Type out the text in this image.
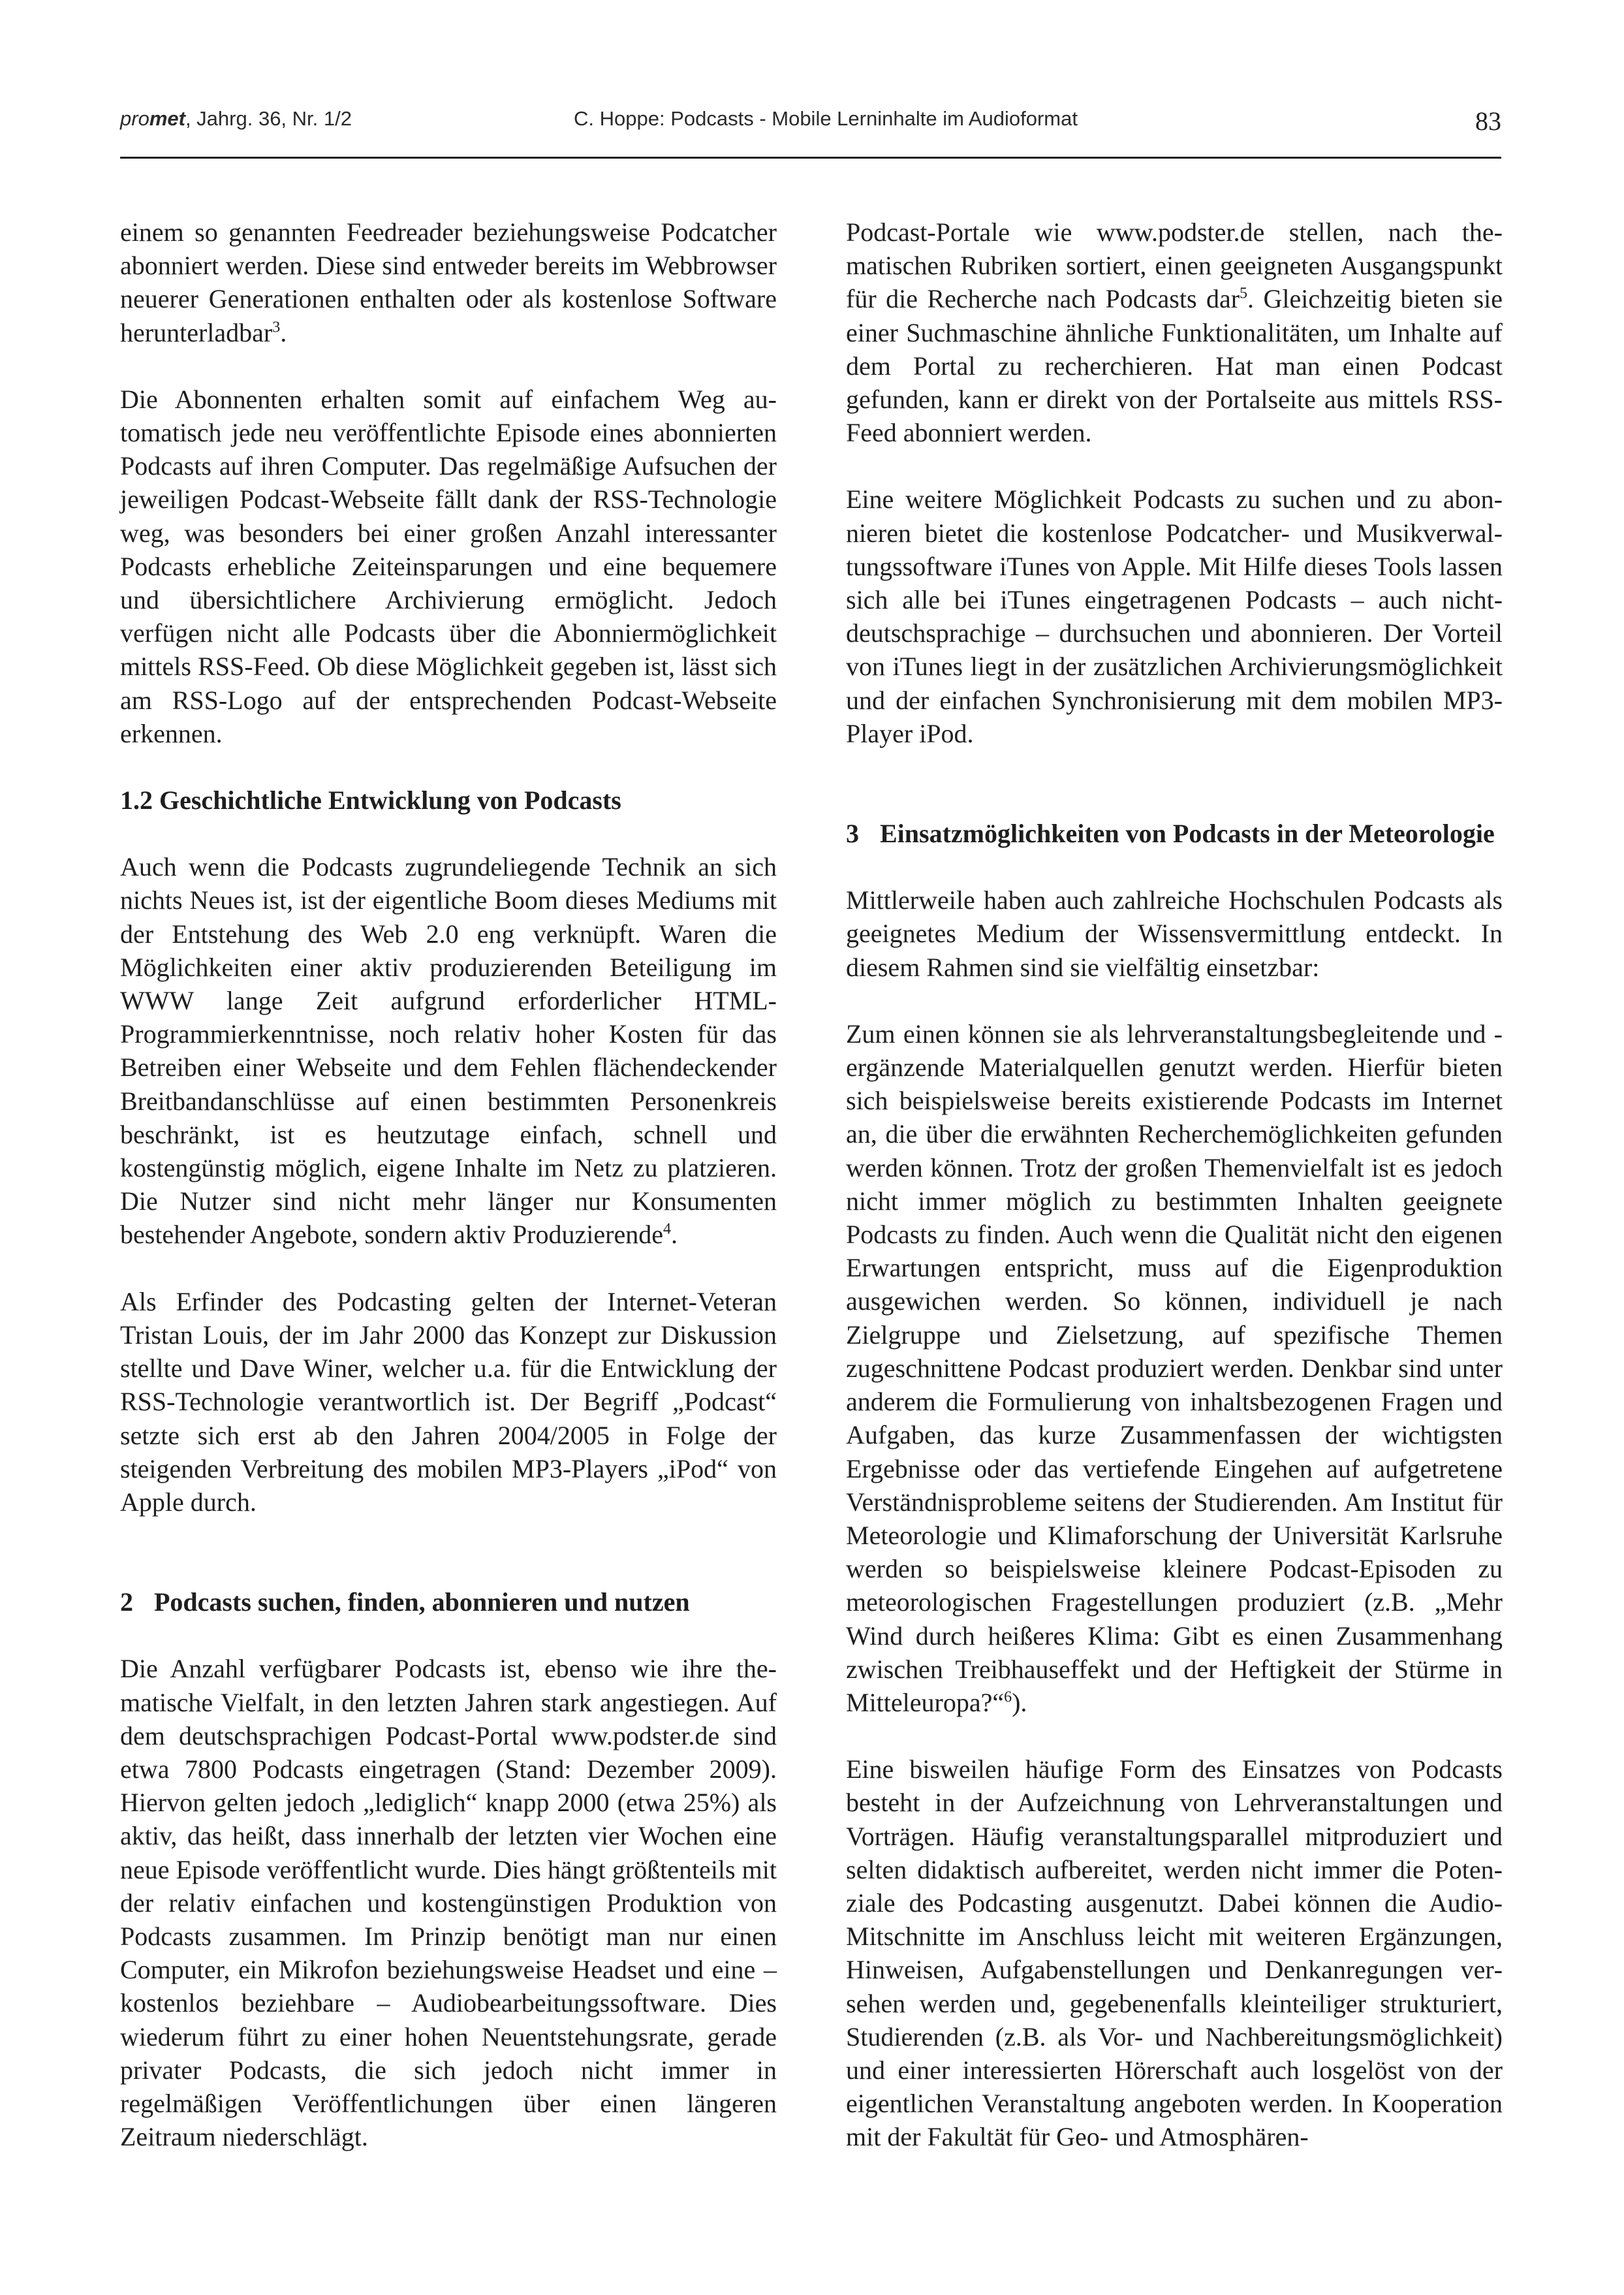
promet, Jahrg. 36, Nr. 1/2	C. Hoppe: Podcasts - Mobile Lerninhalte im Audioformat	83

einem so genannten Feedreader beziehungsweise Podcatcher abonniert werden. Diese sind entweder bereits im Webbrowser neuerer Generationen enthalten oder als kostenlose Software herunterladbar$^3$.

Die Abonnenten erhalten somit auf einfachem Weg automatisch jede neu veröffentlichte Episode eines abonnierten Podcasts auf ihren Computer. Das regelmäßige Aufsuchen der jeweiligen Podcast-Webseite fällt dank der RSS-Technologie weg, was besonders bei einer großen Anzahl interessanter Podcasts erhebliche Zeiteinsparungen und eine bequemere und übersichtlichere Archivierung ermöglicht. Jedoch verfügen nicht alle Podcasts über die Abonniermöglichkeit mittels RSS-Feed. Ob diese Möglichkeit gegeben ist, lässt sich am RSS-Logo auf der entsprechenden Podcast-Webseite erkennen.

1.2 Geschichtliche Entwicklung von Podcasts

Auch wenn die Podcasts zugrundeliegende Technik an sich nichts Neues ist, ist der eigentliche Boom dieses Mediums mit der Entstehung des Web 2.0 eng verknüpft. Waren die Möglichkeiten einer aktiv produzierenden Beteiligung im WWW lange Zeit aufgrund erforderlicher HTML-Programmierkenntnisse, noch relativ hoher Kosten für das Betreiben einer Webseite und dem Fehlen flächendeckender Breitbandanschlüsse auf einen bestimmten Personenkreis beschränkt, ist es heutzutage einfach, schnell und kostengünstig möglich, eigene Inhalte im Netz zu platzieren. Die Nutzer sind nicht mehr länger nur Konsumenten bestehender Angebote, sondern aktiv Produzierende$^4$.

Als Erfinder des Podcasting gelten der Internet-Veteran Tristan Louis, der im Jahr 2000 das Konzept zur Diskussion stellte und Dave Winer, welcher u.a. für die Entwicklung der RSS-Technologie verantwortlich ist. Der Begriff „Podcast“ setzte sich erst ab den Jahren 2004/2005 in Folge der steigenden Verbreitung des mobilen MP3-Players „iPod“ von Apple durch.

2 Podcasts suchen, finden, abonnieren und nutzen

Die Anzahl verfügbarer Podcasts ist, ebenso wie ihre thematische Vielfalt, in den letzten Jahren stark angestiegen. Auf dem deutschsprachigen Podcast-Portal www.podster.de sind etwa 7800 Podcasts eingetragen (Stand: Dezember 2009). Hiervon gelten jedoch „lediglich“ knapp 2000 (etwa 25%) als aktiv, das heißt, dass innerhalb der letzten vier Wochen eine neue Episode veröffentlicht wurde. Dies hängt größtenteils mit der relativ einfachen und kostengünstigen Produktion von Podcasts zusammen. Im Prinzip benötigt man nur einen Computer, ein Mikrofon beziehungsweise Headset und eine – kostenlos beziehbare – Audiobearbeitungssoftware. Dies wiederum führt zu einer hohen Neuentstehungsrate, gerade privater Podcasts, die sich jedoch nicht immer in regelmäßigen Veröffentlichungen über einen längeren Zeitraum niederschlägt.

Podcast-Portale wie www.podster.de stellen, nach thematischen Rubriken sortiert, einen geeigneten Ausgangspunkt für die Recherche nach Podcasts dar$^5$. Gleichzeitig bieten sie einer Suchmaschine ähnliche Funktionalitäten, um Inhalte auf dem Portal zu recherchieren. Hat man einen Podcast gefunden, kann er direkt von der Portalseite aus mittels RSS-Feed abonniert werden.

Eine weitere Möglichkeit Podcasts zu suchen und zu abonnieren bietet die kostenlose Podcatcher- und Musikverwaltungssoftware iTunes von Apple. Mit Hilfe dieses Tools lassen sich alle bei iTunes eingetragenen Podcasts – auch nicht-deutschsprachige – durchsuchen und abonnieren. Der Vorteil von iTunes liegt in der zusätzlichen Archivierungsmöglichkeit und der einfachen Synchronisierung mit dem mobilen MP3-Player iPod.

3 Einsatzmöglichkeiten von Podcasts in der Meteorologie

Mittlerweile haben auch zahlreiche Hochschulen Podcasts als geeignetes Medium der Wissensvermittlung entdeckt. In diesem Rahmen sind sie vielfältig einsetzbar:

Zum einen können sie als lehrveranstaltungsbegleitende und -ergänzende Materialquellen genutzt werden. Hierfür bieten sich beispielsweise bereits existierende Podcasts im Internet an, die über die erwähnten Recherchemöglichkeiten gefunden werden können. Trotz der großen Themenvielfalt ist es jedoch nicht immer möglich zu bestimmten Inhalten geeignete Podcasts zu finden. Auch wenn die Qualität nicht den eigenen Erwartungen entspricht, muss auf die Eigenproduktion ausgewichen werden. So können, individuell je nach Zielgruppe und Zielsetzung, auf spezifische Themen zugeschnittene Podcast produziert werden. Denkbar sind unter anderem die Formulierung von inhaltsbezogenen Fragen und Aufgaben, das kurze Zusammenfassen der wichtigsten Ergebnisse oder das vertiefende Eingehen auf aufgetretene Verständnisprobleme seitens der Studierenden. Am Institut für Meteorologie und Klimaforschung der Universität Karlsruhe werden so beispielsweise kleinere Podcast-Episoden zu meteorologischen Fragestellungen produziert (z.B. „Mehr Wind durch heißeres Klima: Gibt es einen Zusammenhang zwischen Treibhauseffekt und der Heftigkeit der Stürme in Mitteleuropa?“$^6$).

Eine bisweilen häufige Form des Einsatzes von Podcasts besteht in der Aufzeichnung von Lehrveranstaltungen und Vorträgen. Häufig veranstaltungsparallel mitproduziert und selten didaktisch aufbereitet, werden nicht immer die Potenziale des Podcasting ausgenutzt. Dabei können die Audio-Mitschnitte im Anschluss leicht mit weiteren Ergänzungen, Hinweisen, Aufgabenstellungen und Denkanregungen versehen werden und, gegebenenfalls kleinteiliger strukturiert, Studierenden (z.B. als Vor- und Nachbereitungsmöglichkeit) und einer interessierten Hörerschaft auch losgelöst von der eigentlichen Veranstaltung angeboten werden. In Kooperation mit der Fakultät für Geo- und Atmosphären-
